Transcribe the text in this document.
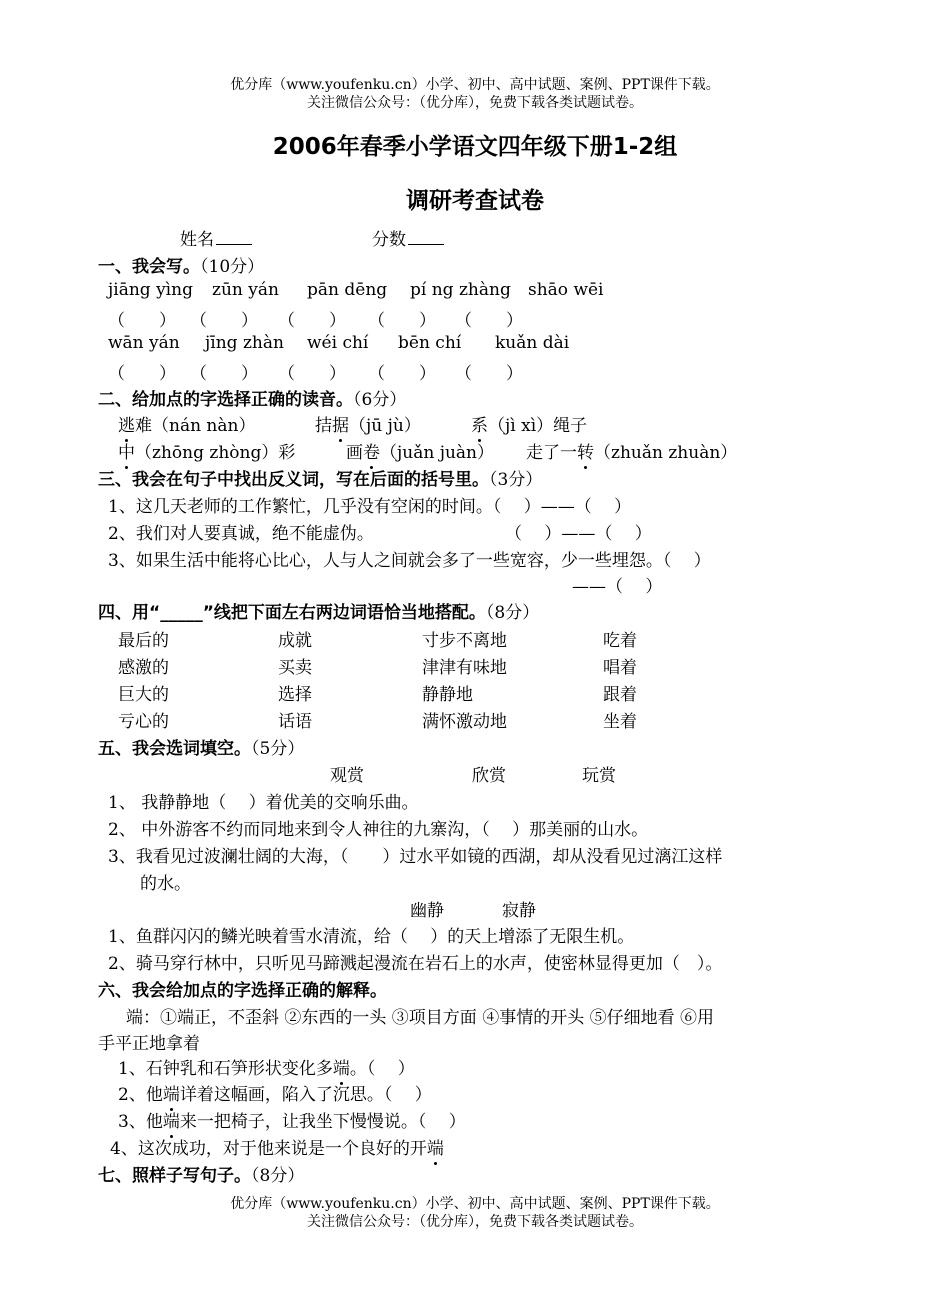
优分库（www.youfenku.cn）小学、初中、高中试题、案例、PPT课件下载。
关注微信公众号：（优分库），免费下载各类试题试卷。
2006年春季小学语文四年级下册1-2组
调研考查试卷
姓名	分数
一、我会写。（10分）
jiāng yìng zūn yán pān dēng pí ng zhàng shāo wēi
（　　） （　　） （　　） （　　） （　　）
wān yán jīng zhàn wéi chí bēn chí kuǎn dài
（　　） （　　） （　　） （　　） （　　）
二、给加点的字选择正确的读音。（6分）
逃难（nán nàn）	拮据（jū jù）	系（jì xì）绳子
中（zhōng zhòng）彩	画卷（juǎn juàn） 走了一转（zhuǎn zhuàn）
三、我会在句子中找出反义词，写在后面的括号里。（3分）
1、这几天老师的工作繁忙，几乎没有空闲的时间。（　 ）——（　 ）
2、我们对人要真诚，绝不能虚伪。	（　 ）——（　 ）
3、如果生活中能将心比心，人与人之间就会多了一些宽容，少一些埋怨。（　 ）
——（　 ）
四、用“_____”线把下面左右两边词语恰当地搭配。（8分）
最后的	成就	寸步不离地	吃着
感激的	买卖	津津有味地	唱着
巨大的	选择	静静地	跟着
亏心的	话语	满怀激动地	坐着
五、我会选词填空。（5分）
观赏	欣赏	玩赏
1、 我静静地（　 ）着优美的交响乐曲。
2、 中外游客不约而同地来到令人神往的九寨沟，（　 ）那美丽的山水。
3、我看见过波澜壮阔的大海，（　　）过水平如镜的西湖，却从没看见过漓江这样
的水。
幽静	寂静
1、鱼群闪闪的鳞光映着雪水清流，给（　 ）的天上增添了无限生机。
2、骑马穿行林中，只听见马蹄溅起漫流在岩石上的水声，使密林显得更加（　）。
六、我会给加点的字选择正确的解释。
端：①端正，不歪斜 ②东西的一头 ③项目方面 ④事情的开头 ⑤仔细地看 ⑥用
手平正地拿着
1、石钟乳和石笋形状变化多端。（　 ）
2、他端详着这幅画，陷入了沉思。（　 ）
3、他端来一把椅子，让我坐下慢慢说。（　 ）
4、这次成功，对于他来说是一个良好的开端
七、照样子写句子。（8分）
优分库（www.youfenku.cn）小学、初中、高中试题、案例、PPT课件下载。
关注微信公众号：（优分库），免费下载各类试题试卷。
